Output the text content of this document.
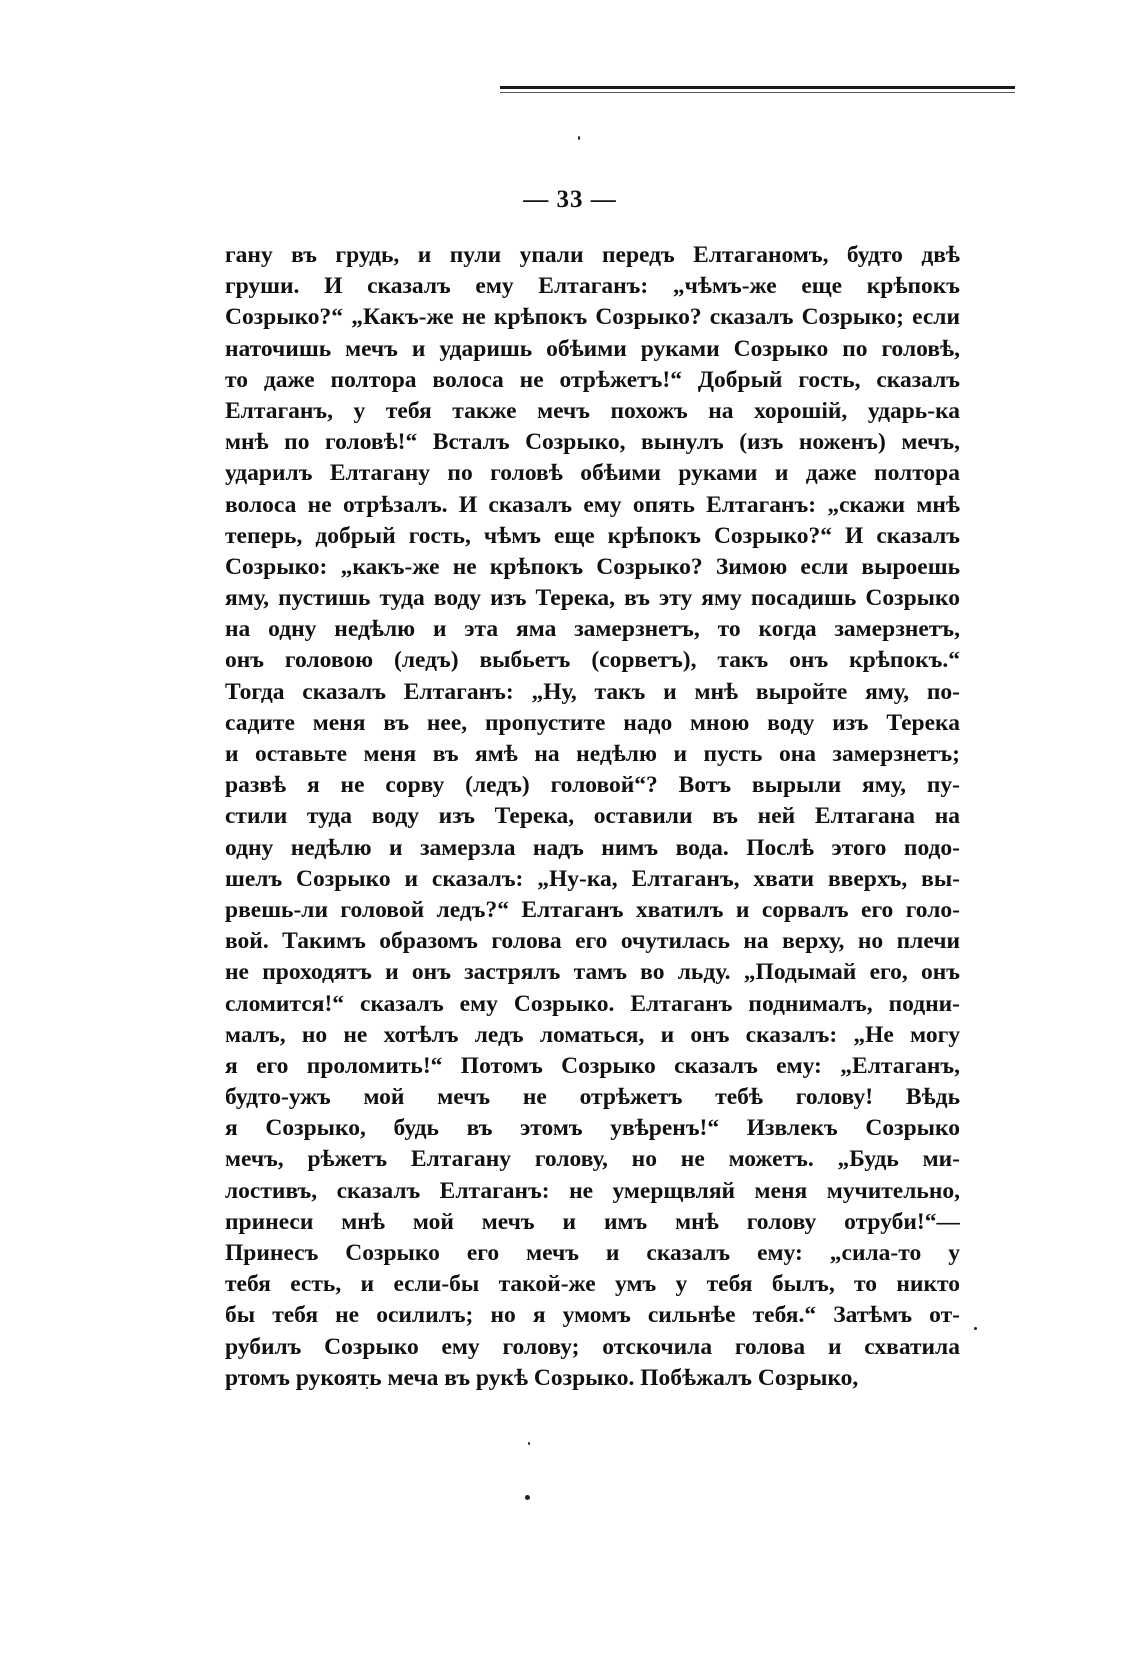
— 33 —
гану въ грудь, и пули упали передъ Елтаганомъ, будто двѣ
груши. И сказалъ ему Елтаганъ: „чѣмъ-же еще крѣпокъ
Созрыко?“ „Какъ-же не крѣпокъ Созрыко? сказалъ Созрыко; если
наточишь мечъ и ударишь обѣими руками Созрыко по головѣ,
то даже полтора волоса не отрѣжетъ!“ Добрый гость, сказалъ
Елтаганъ, у тебя также мечъ похожъ на хорошій, ударь-ка
мнѣ по головѣ!“ Всталъ Созрыко, вынулъ (изъ ноженъ) мечъ,
ударилъ Елтагану по головѣ обѣими руками и даже полтора
волоса не отрѣзалъ. И сказалъ ему опять Елтаганъ: „скажи мнѣ
теперь, добрый гость, чѣмъ еще крѣпокъ Созрыко?“ И сказалъ
Созрыко: „какъ-же не крѣпокъ Созрыко? Зимою если выроешь
яму, пустишь туда воду изъ Терека, въ эту яму посадишь Созрыко
на одну недѣлю и эта яма замерзнетъ, то когда замерзнетъ,
онъ головою (ледъ) выбьетъ (сорветъ), такъ онъ крѣпокъ.“
Тогда сказалъ Елтаганъ: „Ну, такъ и мнѣ выройте яму, по-
садите меня въ нее, пропустите надо мною воду изъ Терека
и оставьте меня въ ямѣ на недѣлю и пусть она замерзнетъ;
развѣ я не сорву (ледъ) головой“? Вотъ вырыли яму, пу-
стили туда воду изъ Терека, оставили въ ней Елтагана на
одну недѣлю и замерзла надъ нимъ вода. Послѣ этого подо-
шелъ Созрыко и сказалъ: „Ну-ка, Елтаганъ, хвати вверхъ, вы-
рвешь-ли головой ледъ?“ Елтаганъ хватилъ и сорвалъ его голо-
вой. Такимъ образомъ голова его очутилась на верху, но плечи
не проходятъ и онъ застрялъ тамъ во льду. „Подымай его, онъ
сломится!“ сказалъ ему Созрыко. Елтаганъ поднималъ, подни-
малъ, но не хотѣлъ ледъ ломаться, и онъ сказалъ: „Не могу
я его проломить!“ Потомъ Созрыко сказалъ ему: „Елтаганъ,
будто-ужъ мой мечъ не отрѣжетъ тебѣ голову! Вѣдь
я Созрыко, будь въ этомъ увѣренъ!“ Извлекъ Созрыко
мечъ, рѣжетъ Елтагану голову, но не можетъ. „Будь ми-
лостивъ, сказалъ Елтаганъ: не умерщвляй меня мучительно,
принеси мнѣ мой мечъ и имъ мнѣ голову отруби!“—
Принесъ Созрыко его мечъ и сказалъ ему: „сила-то у
тебя есть, и если-бы такой-же умъ у тебя былъ, то никто
бы тебя не осилилъ; но я умомъ сильнѣе тебя.“ Затѣмъ от-
рубилъ Созрыко ему голову; отскочила голова и схватила
ртомъ рукоять меча въ рукѣ Созрыко. Побѣжалъ Созрыко,
